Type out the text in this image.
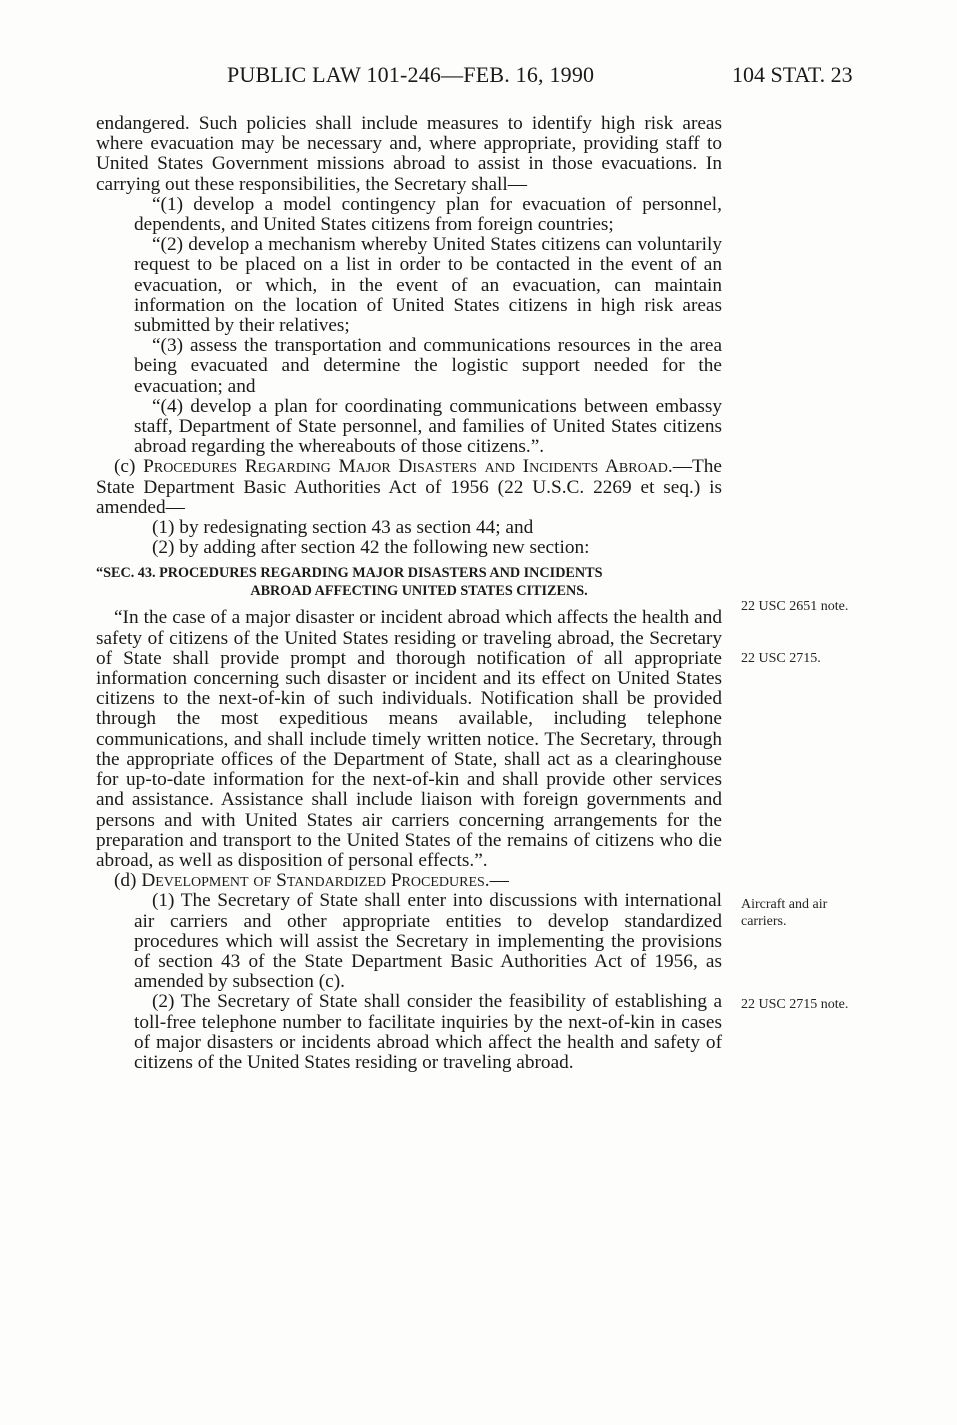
PUBLIC LAW 101-246—FEB. 16, 1990	104 STAT. 23

endangered. Such policies shall include measures to identify high risk areas where evacuation may be necessary and, where appropriate, providing staff to United States Government missions abroad to assist in those evacuations. In carrying out these responsibilities, the Secretary shall—

“(1) develop a model contingency plan for evacuation of personnel, dependents, and United States citizens from foreign countries;

“(2) develop a mechanism whereby United States citizens can voluntarily request to be placed on a list in order to be contacted in the event of an evacuation, or which, in the event of an evacuation, can maintain information on the location of United States citizens in high risk areas submitted by their relatives;

“(3) assess the transportation and communications resources in the area being evacuated and determine the logistic support needed for the evacuation; and

“(4) develop a plan for coordinating communications between embassy staff, Department of State personnel, and families of United States citizens abroad regarding the whereabouts of those citizens.”.

(c) Procedures Regarding Major Disasters and Incidents Abroad.—The State Department Basic Authorities Act of 1956 (22 U.S.C. 2269 et seq.) is amended—

(1) by redesignating section 43 as section 44; and

(2) by adding after section 42 the following new section:

“SEC. 43. PROCEDURES REGARDING MAJOR DISASTERS AND INCIDENTS
ABROAD AFFECTING UNITED STATES CITIZENS.

“In the case of a major disaster or incident abroad which affects the health and safety of citizens of the United States residing or traveling abroad, the Secretary of State shall provide prompt and thorough notification of all appropriate information concerning such disaster or incident and its effect on United States citizens to the next-of-kin of such individuals. Notification shall be provided through the most expeditious means available, including telephone communications, and shall include timely written notice. The Secretary, through the appropriate offices of the Department of State, shall act as a clearinghouse for up-to-date information for the next-of-kin and shall provide other services and assistance. Assistance shall include liaison with foreign governments and persons and with United States air carriers concerning arrangements for the preparation and transport to the United States of the remains of citizens who die abroad, as well as disposition of personal effects.”.

(d) Development of Standardized Procedures.—

(1) The Secretary of State shall enter into discussions with international air carriers and other appropriate entities to develop standardized procedures which will assist the Secretary in implementing the provisions of section 43 of the State Department Basic Authorities Act of 1956, as amended by subsection (c).

(2) The Secretary of State shall consider the feasibility of establishing a toll-free telephone number to facilitate inquiries by the next-of-kin in cases of major disasters or incidents abroad which affect the health and safety of citizens of the United States residing or traveling abroad.

22 USC 2651 note.
22 USC 2715.
Aircraft and air carriers.
22 USC 2715 note.
